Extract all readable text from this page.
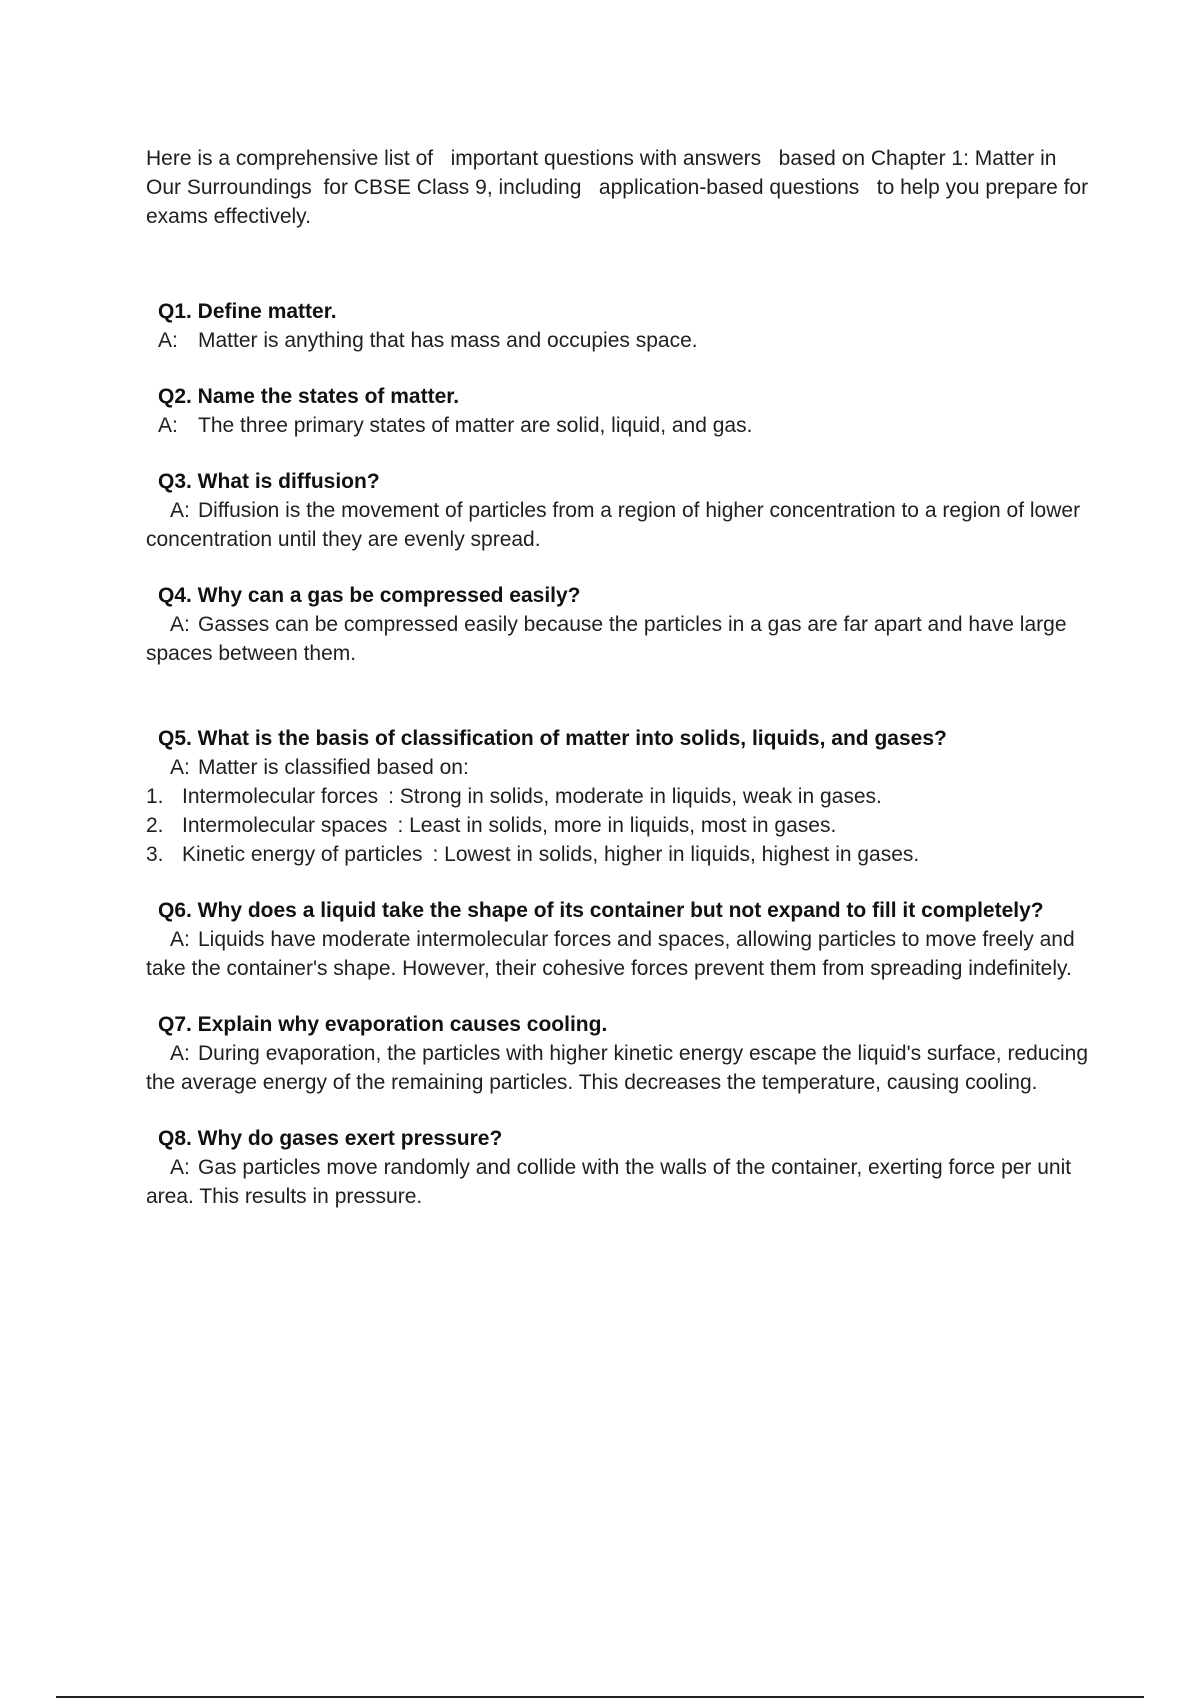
Here is a comprehensive list of important questions with answers based on Chapter 1: Matter in Our Surroundings for CBSE Class 9, including application-based questions to help you prepare for exams effectively.

Q1. Define matter.

A: Matter is anything that has mass and occupies space.

Q2. Name the states of matter.

A: The three primary states of matter are solid, liquid, and gas.

Q3. What is diffusion?

A: Diffusion is the movement of particles from a region of higher concentration to a region of lower concentration until they are evenly spread.

Q4. Why can a gas be compressed easily?

A: Gasses can be compressed easily because the particles in a gas are far apart and have large spaces between them.

Q5. What is the basis of classification of matter into solids, liquids, and gases?

A: Matter is classified based on:

1. Intermolecular forces : Strong in solids, moderate in liquids, weak in gases.
2. Intermolecular spaces : Least in solids, more in liquids, most in gases.
3. Kinetic energy of particles : Lowest in solids, higher in liquids, highest in gases.

Q6. Why does a liquid take the shape of its container but not expand to fill it completely?

A: Liquids have moderate intermolecular forces and spaces, allowing particles to move freely and take the container's shape. However, their cohesive forces prevent them from spreading indefinitely.

Q7. Explain why evaporation causes cooling.

A: During evaporation, the particles with higher kinetic energy escape the liquid's surface, reducing the average energy of the remaining particles. This decreases the temperature, causing cooling.

Q8. Why do gases exert pressure?

A: Gas particles move randomly and collide with the walls of the container, exerting force per unit area. This results in pressure.
